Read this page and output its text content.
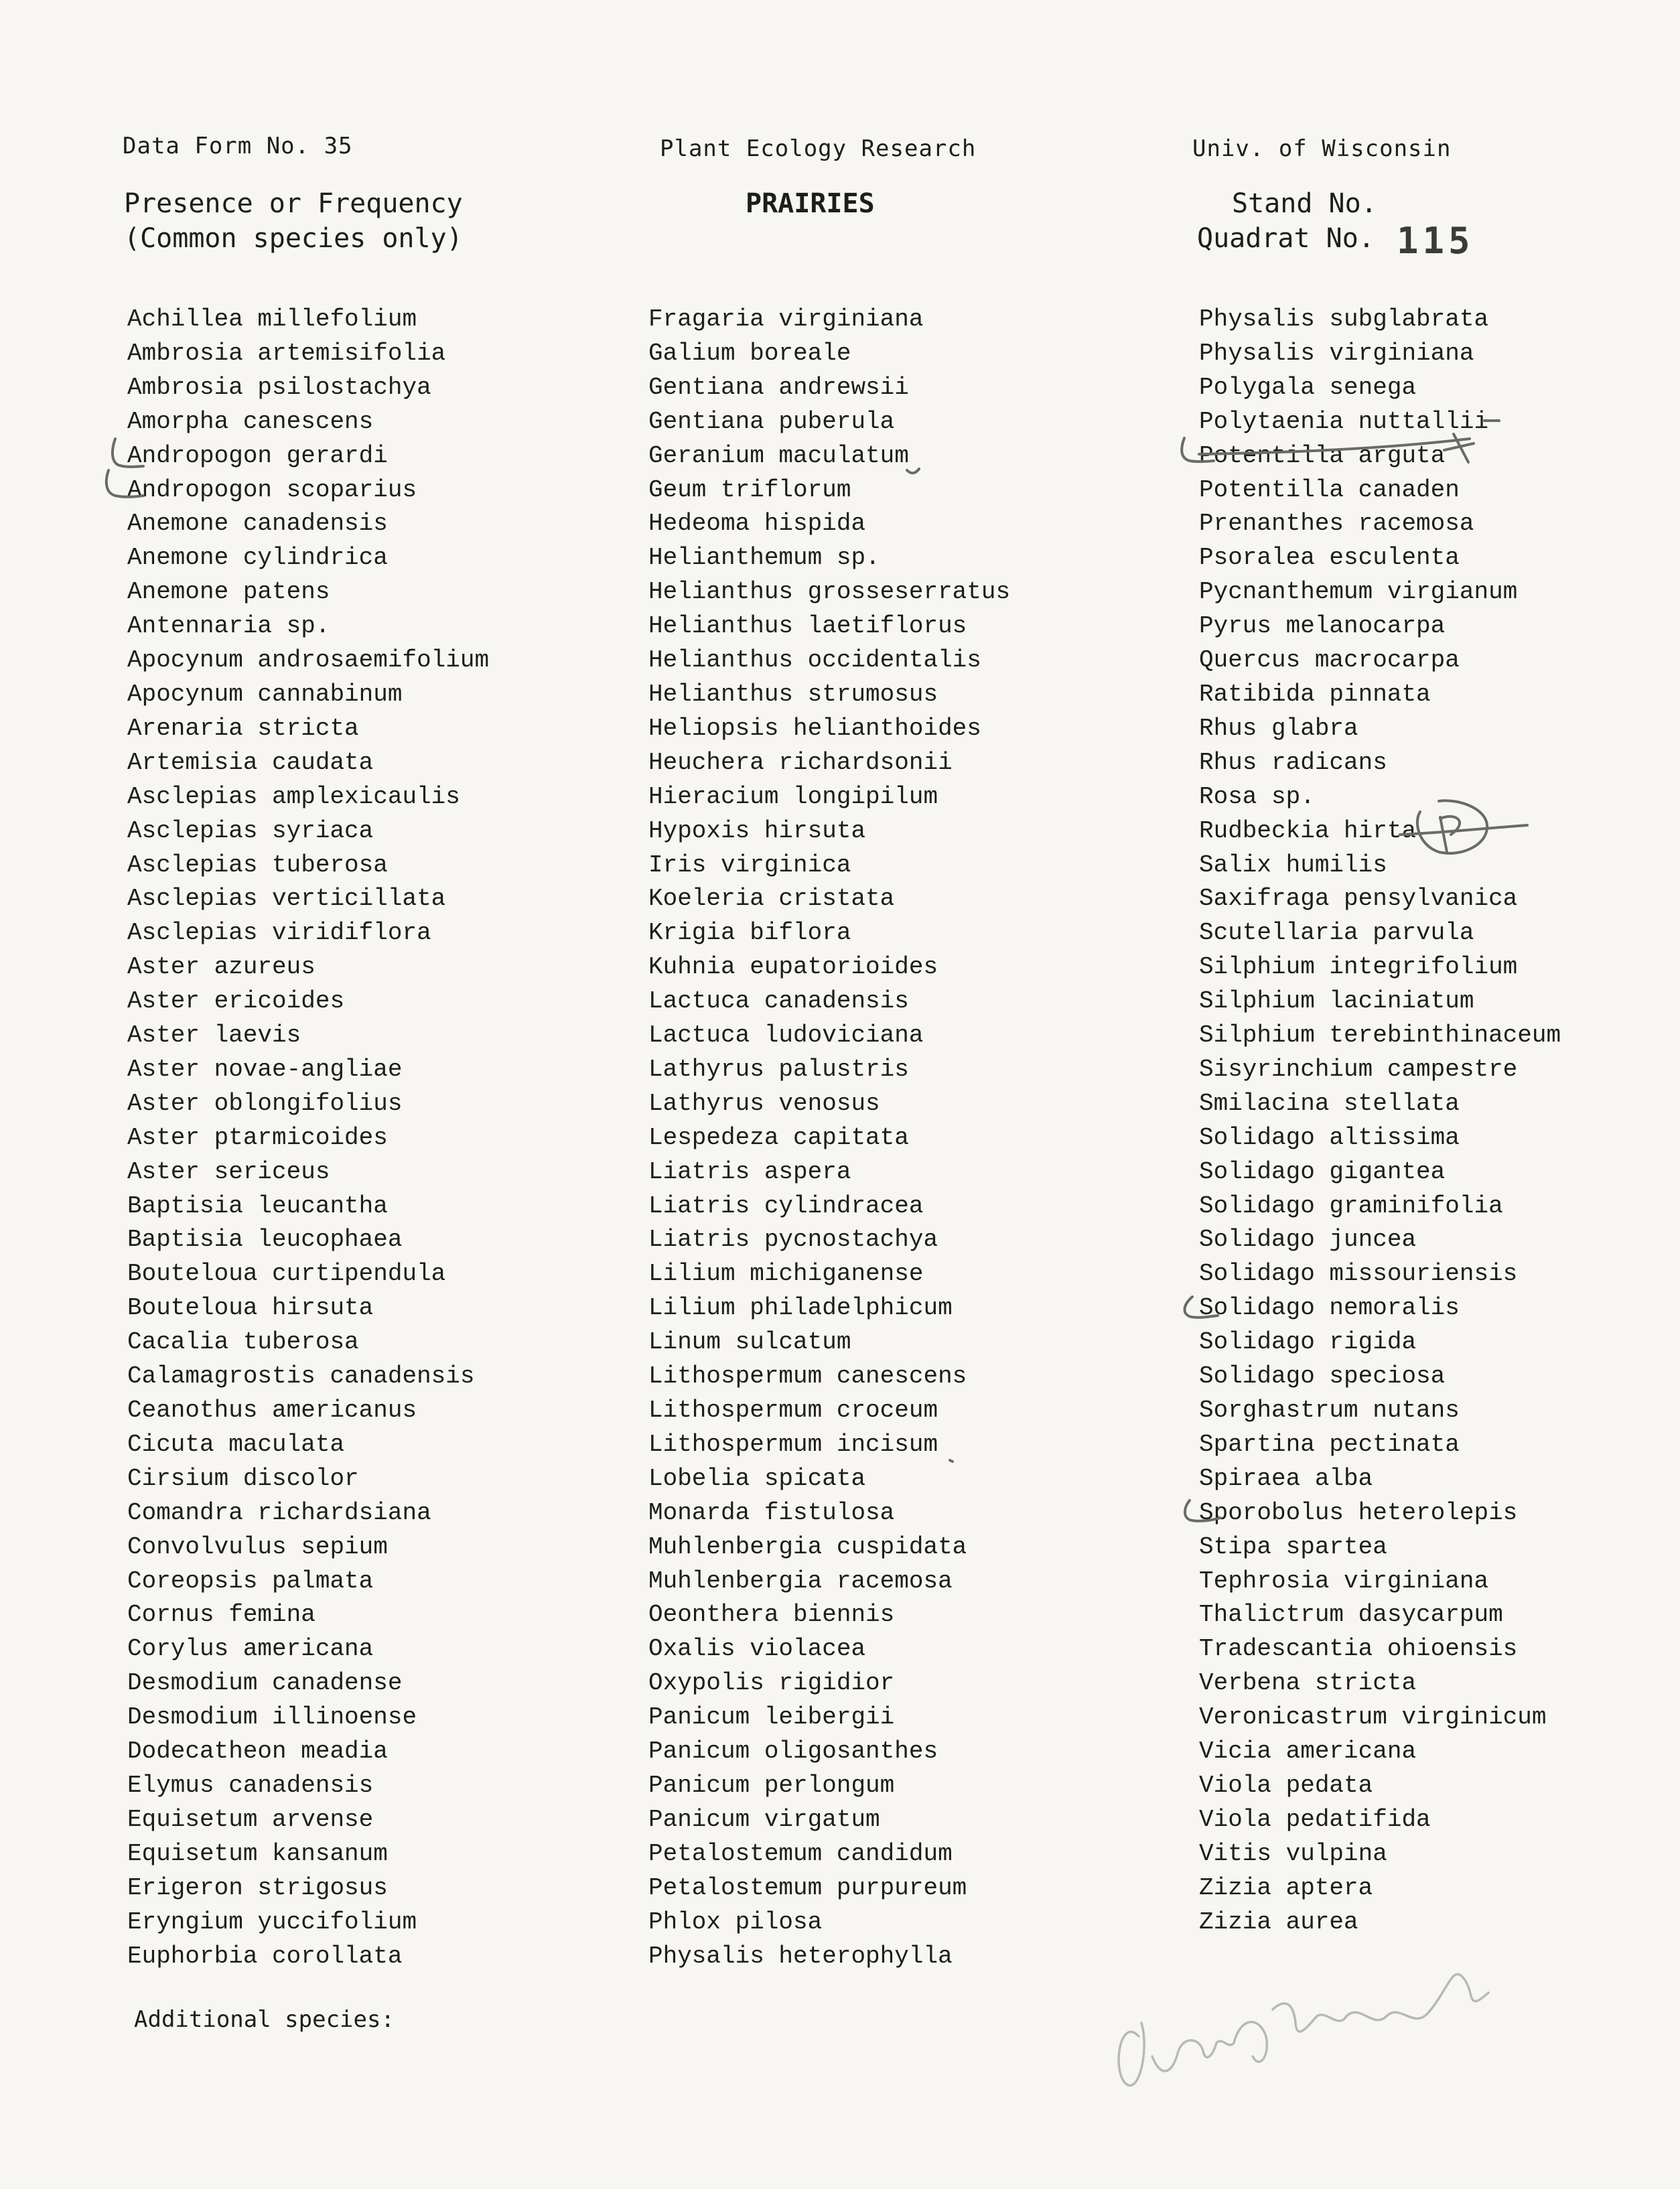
Data Form No. 35	Plant Ecology Research	Univ. of Wisconsin
Presence or Frequency
(Common species only)
PRAIRIES	Stand No.
Quadrat No. 115
Achillea millefolium
Ambrosia artemisifolia
Ambrosia psilostachya
Amorpha canescens
Andropogon gerardi
Andropogon scoparius
Anemone canadensis
Anemone cylindrica
Anemone patens
Antennaria sp.
Apocynum androsaemifolium
Apocynum cannabinum
Arenaria stricta
Artemisia caudata
Asclepias amplexicaulis
Asclepias syriaca
Asclepias tuberosa
Asclepias verticillata
Asclepias viridiflora
Aster azureus
Aster ericoides
Aster laevis
Aster novae-angliae
Aster oblongifolius
Aster ptarmicoides
Aster sericeus
Baptisia leucantha
Baptisia leucophaea
Bouteloua curtipendula
Bouteloua hirsuta
Cacalia tuberosa
Calamagrostis canadensis
Ceanothus americanus
Cicuta maculata
Cirsium discolor
Comandra richardsiana
Convolvulus sepium
Coreopsis palmata
Cornus femina
Corylus americana
Desmodium canadense
Desmodium illinoense
Dodecatheon meadia
Elymus canadensis
Equisetum arvense
Equisetum kansanum
Erigeron strigosus
Eryngium yuccifolium
Euphorbia corollata
Fragaria virginiana
Galium boreale
Gentiana andrewsii
Gentiana puberula
Geranium maculatum
Geum triflorum
Hedeoma hispida
Helianthemum sp.
Helianthus grosseserratus
Helianthus laetiflorus
Helianthus occidentalis
Helianthus strumosus
Heliopsis helianthoides
Heuchera richardsonii
Hieracium longipilum
Hypoxis hirsuta
Iris virginica
Koeleria cristata
Krigia biflora
Kuhnia eupatorioides
Lactuca canadensis
Lactuca ludoviciana
Lathyrus palustris
Lathyrus venosus
Lespedeza capitata
Liatris aspera
Liatris cylindracea
Liatris pycnostachya
Lilium michiganense
Lilium philadelphicum
Linum sulcatum
Lithospermum canescens
Lithospermum croceum
Lithospermum incisum
Lobelia spicata
Monarda fistulosa
Muhlenbergia cuspidata
Muhlenbergia racemosa
Oeonthera biennis
Oxalis violacea
Oxypolis rigidior
Panicum leibergii
Panicum oligosanthes
Panicum perlongum
Panicum virgatum
Petalostemum candidum
Petalostemum purpureum
Phlox pilosa
Physalis heterophylla
Physalis subglabrata
Physalis virginiana
Polygala senega
Polytaenia nuttallii
Potentilla arguta
Potentilla canaden
Prenanthes racemosa
Psoralea esculenta
Pycnanthemum virgianum
Pyrus melanocarpa
Quercus macrocarpa
Ratibida pinnata
Rhus glabra
Rhus radicans
Rosa sp.
Rudbeckia hirta
Salix humilis
Saxifraga pensylvanica
Scutellaria parvula
Silphium integrifolium
Silphium laciniatum
Silphium terebinthinaceum
Sisyrinchium campestre
Smilacina stellata
Solidago altissima
Solidago gigantea
Solidago graminifolia
Solidago juncea
Solidago missouriensis
Solidago nemoralis
Solidago rigida
Solidago speciosa
Sorghastrum nutans
Spartina pectinata
Spiraea alba
Sporobolus heterolepis
Stipa spartea
Tephrosia virginiana
Thalictrum dasycarpum
Tradescantia ohioensis
Verbena stricta
Veronicastrum virginicum
Vicia americana
Viola pedata
Viola pedatifida
Vitis vulpina
Zizia aptera
Zizia aurea
Additional species:
